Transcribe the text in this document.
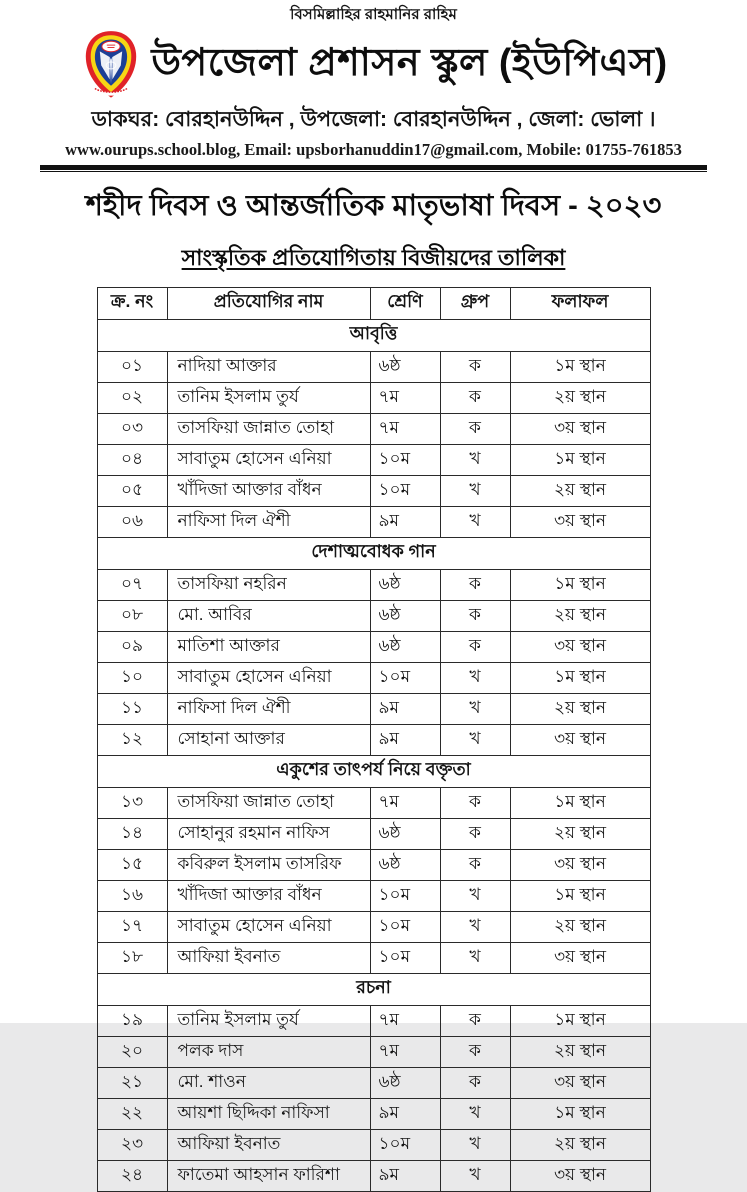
বিসমিল্লাহির রাহমানির রাহিম
উপজেলা প্রশাসন স্কুল (ইউপিএস)
ডাকঘর: বোরহানউদ্দিন , উপজেলা: বোরহানউদ্দিন , জেলা: ভোলা ।
www.ourups.school.blog, Email: upsborhanuddin17@gmail.com, Mobile: 01755-761853
শহীদ দিবস ও আন্তর্জাতিক মাতৃভাষা দিবস - ২০২৩
সাংস্কৃতিক প্রতিযোগিতায় বিজীয়দের তালিকা
ক্র. নং	প্রতিযোগির নাম	শ্রেণি	গ্রুপ	ফলাফল
আবৃত্তি				
০১	নাদিয়া আক্তার	৬ষ্ঠ	ক	১ম স্থান
০২	তানিম ইসলাম তুর্য	৭ম	ক	২য় স্থান
০৩	তাসফিয়া জান্নাত তোহা	৭ম	ক	৩য় স্থান
০৪	সাবাতুম হোসেন এনিয়া	১০ম	খ	১ম স্থান
০৫	খাঁদিজা আক্তার বাঁধন	১০ম	খ	২য় স্থান
০৬	নাফিসা দিল ঐশী	৯ম	খ	৩য় স্থান
দেশাত্মবোধক গান				
০৭	তাসফিয়া নহরিন	৬ষ্ঠ	ক	১ম স্থান
০৮	মো. আবির	৬ষ্ঠ	ক	২য় স্থান
০৯	মাতিশা আক্তার	৬ষ্ঠ	ক	৩য় স্থান
১০	সাবাতুম হোসেন এনিয়া	১০ম	খ	১ম স্থান
১১	নাফিসা দিল ঐশী	৯ম	খ	২য় স্থান
১২	সোহানা আক্তার	৯ম	খ	৩য় স্থান
একুশের তাৎপর্য নিয়ে বক্তৃতা				
১৩	তাসফিয়া জান্নাত তোহা	৭ম	ক	১ম স্থান
১৪	সোহানুর রহমান নাফিস	৬ষ্ঠ	ক	২য় স্থান
১৫	কবিরুল ইসলাম তাসরিফ	৬ষ্ঠ	ক	৩য় স্থান
১৬	খাঁদিজা আক্তার বাঁধন	১০ম	খ	১ম স্থান
১৭	সাবাতুম হোসেন এনিয়া	১০ম	খ	২য় স্থান
১৮	আফিয়া ইবনাত	১০ম	খ	৩য় স্থান
রচনা				
১৯	তানিম ইসলাম তুর্য	৭ম	ক	১ম স্থান
২০	পলক দাস	৭ম	ক	২য় স্থান
২১	মো. শাওন	৬ষ্ঠ	ক	৩য় স্থান
২২	আয়শা ছিদ্দিকা নাফিসা	৯ম	খ	১ম স্থান
২৩	আফিয়া ইবনাত	১০ম	খ	২য় স্থান
২৪	ফাতেমা আহসান ফারিশা	৯ম	খ	৩য় স্থান
